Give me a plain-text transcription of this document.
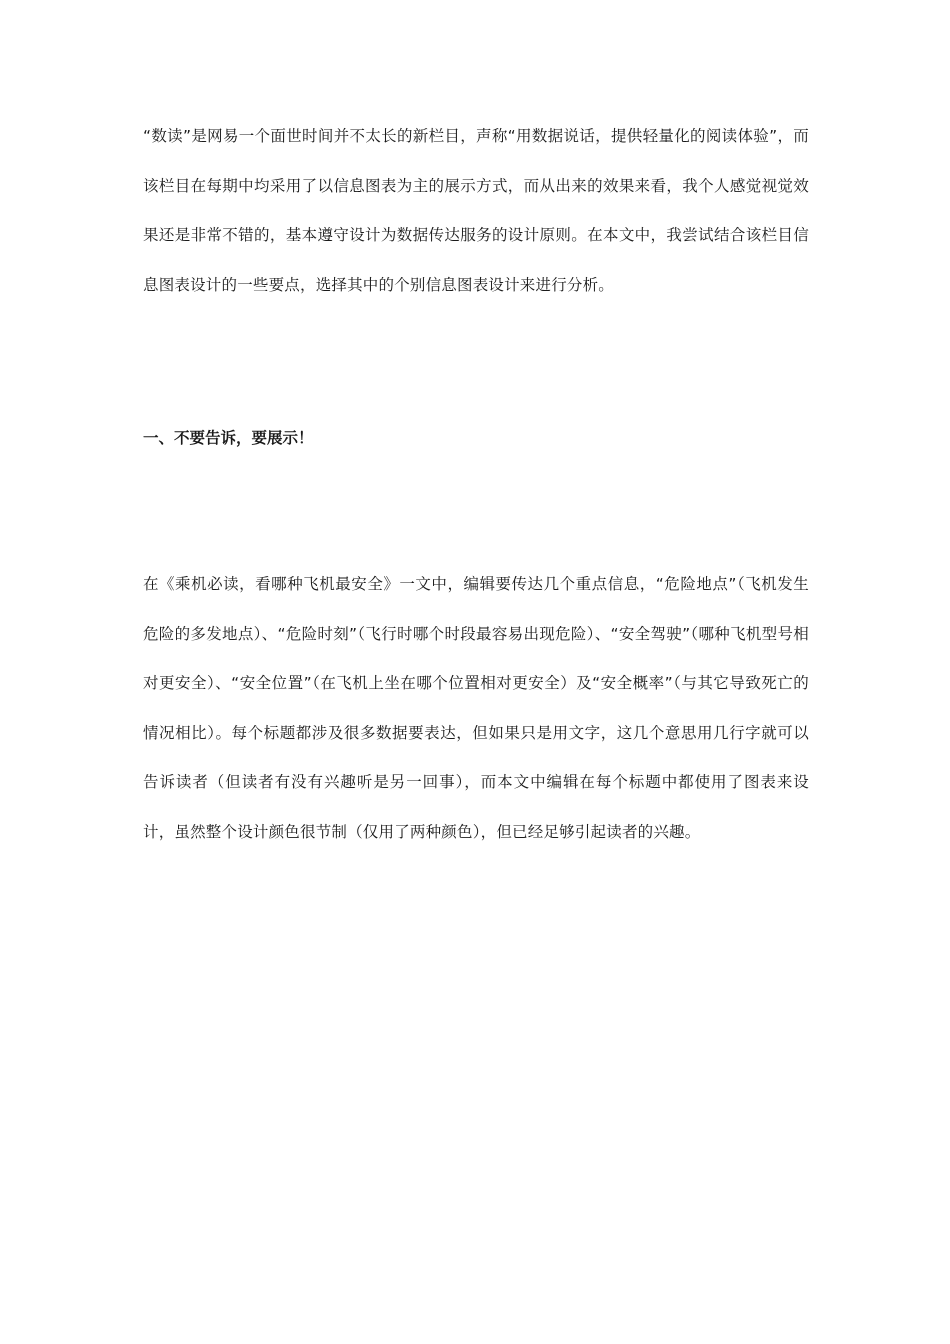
“数读”是网易一个面世时间并不太长的新栏目，声称“用数据说话，提供轻量化的阅读体验”，而该栏目在每期中均采用了以信息图表为主的展示方式，而从出来的效果来看，我个人感觉视觉效果还是非常不错的，基本遵守设计为数据传达服务的设计原则。在本文中，我尝试结合该栏目信息图表设计的一些要点，选择其中的个别信息图表设计来进行分析。

一、不要告诉，要展示！

在《乘机必读，看哪种飞机最安全》一文中，编辑要传达几个重点信息，“危险地点”（飞机发生危险的多发地点）、“危险时刻”（飞行时哪个时段最容易出现危险）、“安全驾驶”（哪种飞机型号相对更安全）、“安全位置”（在飞机上坐在哪个位置相对更安全）及“安全概率”（与其它导致死亡的情况相比）。每个标题都涉及很多数据要表达，但如果只是用文字，这几个意思用几行字就可以告诉读者（但读者有没有兴趣听是另一回事），而本文中编辑在每个标题中都使用了图表来设计，虽然整个设计颜色很节制（仅用了两种颜色），但已经足够引起读者的兴趣。
